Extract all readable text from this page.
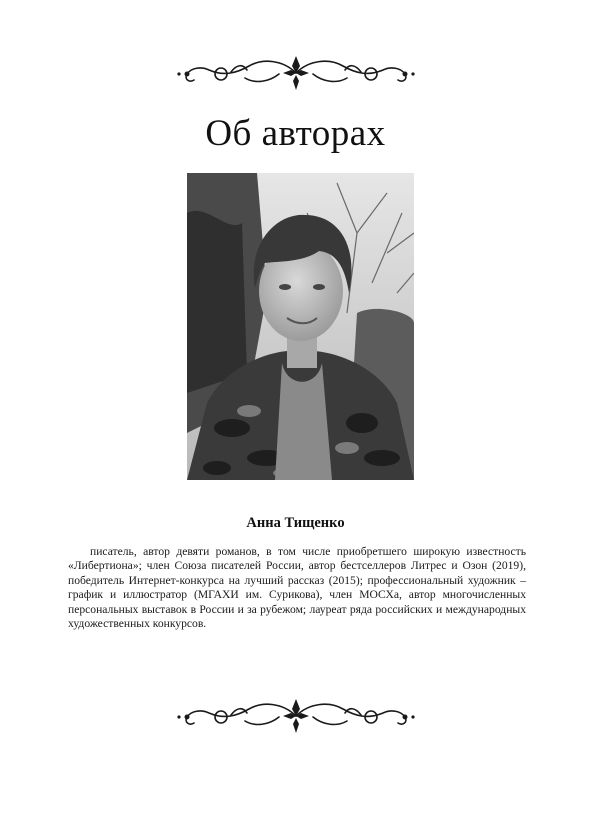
Об авторах
Анна Тищенко

писатель, автор девяти романов, в том числе приобретшего широкую известность «Либертиона»; член Союза писателей России, автор бестселлеров Литрес и Озон (2019), победитель Интернет-конкурса на лучший рассказ (2015); профессиональный художник – график и иллюстратор (МГАХИ им. Сурикова), член МОСХа, автор многочисленных персональных выставок в России и за рубежом; лауреат ряда российских и международных художественных конкурсов.
